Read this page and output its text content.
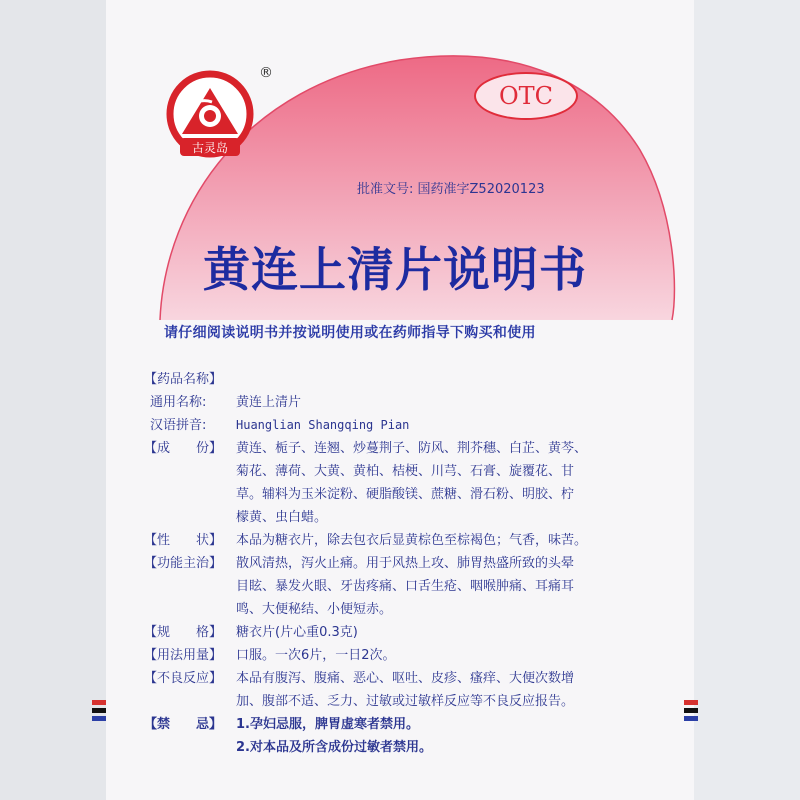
古灵岛
®
OTC
批准文号: 国药准字Z52020123
黄连上清片说明书
请仔细阅读说明书并按说明使用或在药师指导下购买和使用
【药品名称】
通用名称: 黄连上清片
汉语拼音: Huanglian Shangqing Pian
【成　　份】 黄连、栀子、连翘、炒蔓荆子、防风、荆芥穗、白芷、黄芩、
菊花、薄荷、大黄、黄柏、桔梗、川芎、石膏、旋覆花、甘
草。辅料为玉米淀粉、硬脂酸镁、蔗糖、滑石粉、明胶、柠
檬黄、虫白蜡。
【性　　状】 本品为糖衣片，除去包衣后显黄棕色至棕褐色；气香，味苦。
【功能主治】 散风清热，泻火止痛。用于风热上攻、肺胃热盛所致的头晕
目眩、暴发火眼、牙齿疼痛、口舌生疮、咽喉肿痛、耳痛耳
鸣、大便秘结、小便短赤。
【规　　格】 糖衣片(片心重0.3克)
【用法用量】 口服。一次6片，一日2次。
【不良反应】 本品有腹泻、腹痛、恶心、呕吐、皮疹、瘙痒、大便次数增
加、腹部不适、乏力、过敏或过敏样反应等不良反应报告。
【禁　　忌】 1.孕妇忌服，脾胃虚寒者禁用。
2.对本品及所含成份过敏者禁用。
